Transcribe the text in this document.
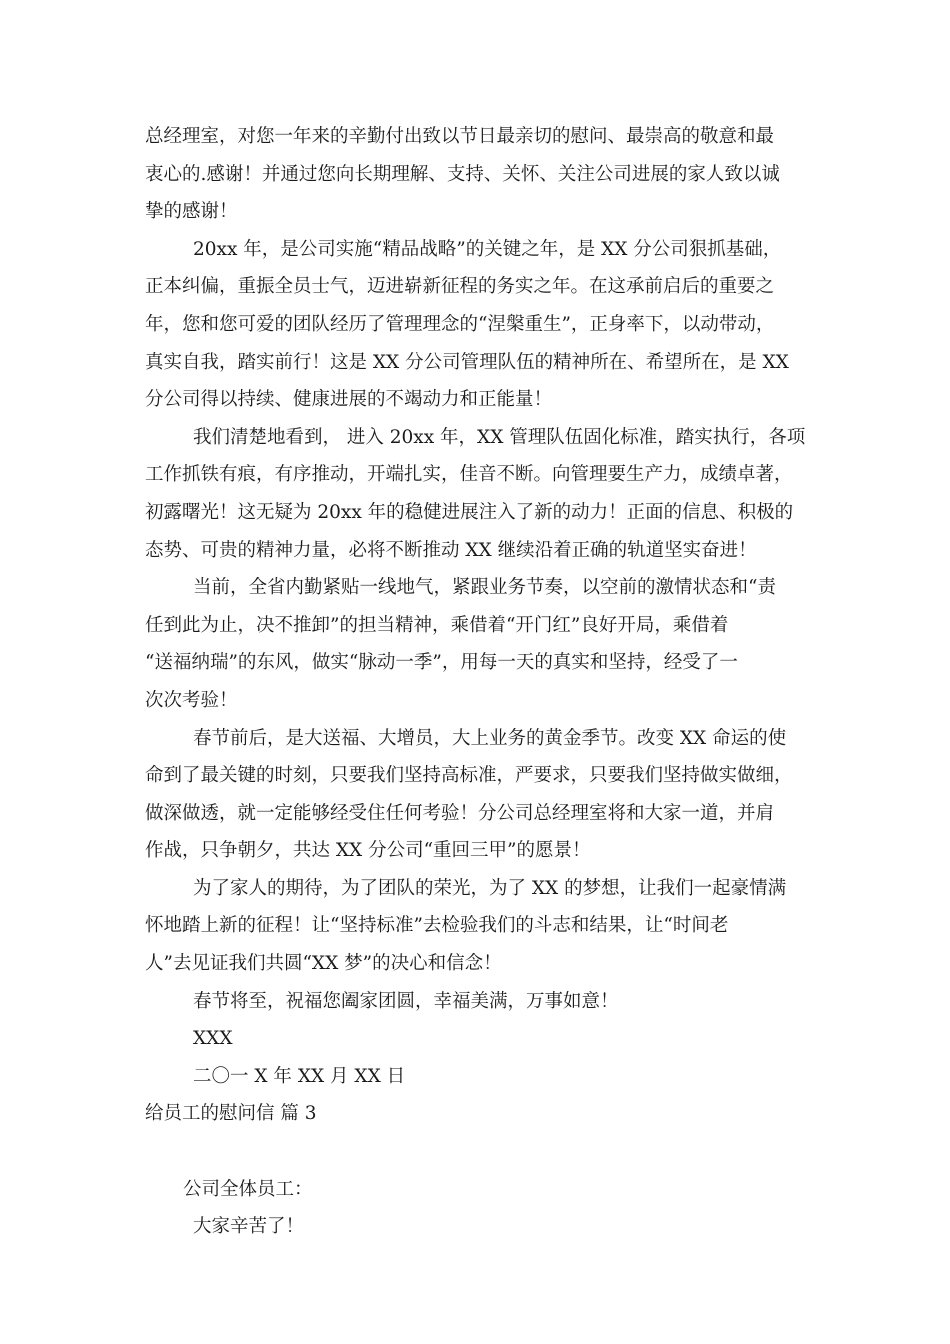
总经理室，对您一年来的辛勤付出致以节日最亲切的慰问、最崇高的敬意和最
衷心的.感谢！并通过您向长期理解、支持、关怀、关注公司进展的家人致以诚
挚的感谢！
20xx 年，是公司实施“精品战略”的关键之年，是 XX 分公司狠抓基础，
正本纠偏，重振全员士气，迈进崭新征程的务实之年。在这承前启后的重要之
年，您和您可爱的团队经历了管理理念的“涅槃重生”，正身率下，以动带动，
真实自我，踏实前行！这是 XX 分公司管理队伍的精神所在、希望所在，是 XX
分公司得以持续、健康进展的不竭动力和正能量！
我们清楚地看到， 进入 20xx 年，XX 管理队伍固化标准，踏实执行，各项
工作抓铁有痕，有序推动，开端扎实，佳音不断。向管理要生产力，成绩卓著，
初露曙光！这无疑为 20xx 年的稳健进展注入了新的动力！正面的信息、积极的
态势、可贵的精神力量，必将不断推动 XX 继续沿着正确的轨道坚实奋进！
当前，全省内勤紧贴一线地气，紧跟业务节奏，以空前的激情状态和“责
任到此为止，决不推卸”的担当精神，乘借着“开门红”良好开局，乘借着
“送福纳瑞”的东风，做实“脉动一季”，用每一天的真实和坚持，经受了一
次次考验！
春节前后，是大送福、大增员，大上业务的黄金季节。改变 XX 命运的使
命到了最关键的时刻，只要我们坚持高标准，严要求，只要我们坚持做实做细，
做深做透，就一定能够经受住任何考验！分公司总经理室将和大家一道，并肩
作战，只争朝夕，共达 XX 分公司“重回三甲”的愿景！
为了家人的期待，为了团队的荣光，为了 XX 的梦想，让我们一起豪情满
怀地踏上新的征程！让“坚持标准”去检验我们的斗志和结果，让“时间老
人”去见证我们共圆“XX 梦”的决心和信念！
春节将至，祝福您阖家团圆，幸福美满，万事如意！
XXX
二〇一 X 年 XX 月 XX 日
给员工的慰问信 篇 3
公司全体员工：
大家辛苦了！
